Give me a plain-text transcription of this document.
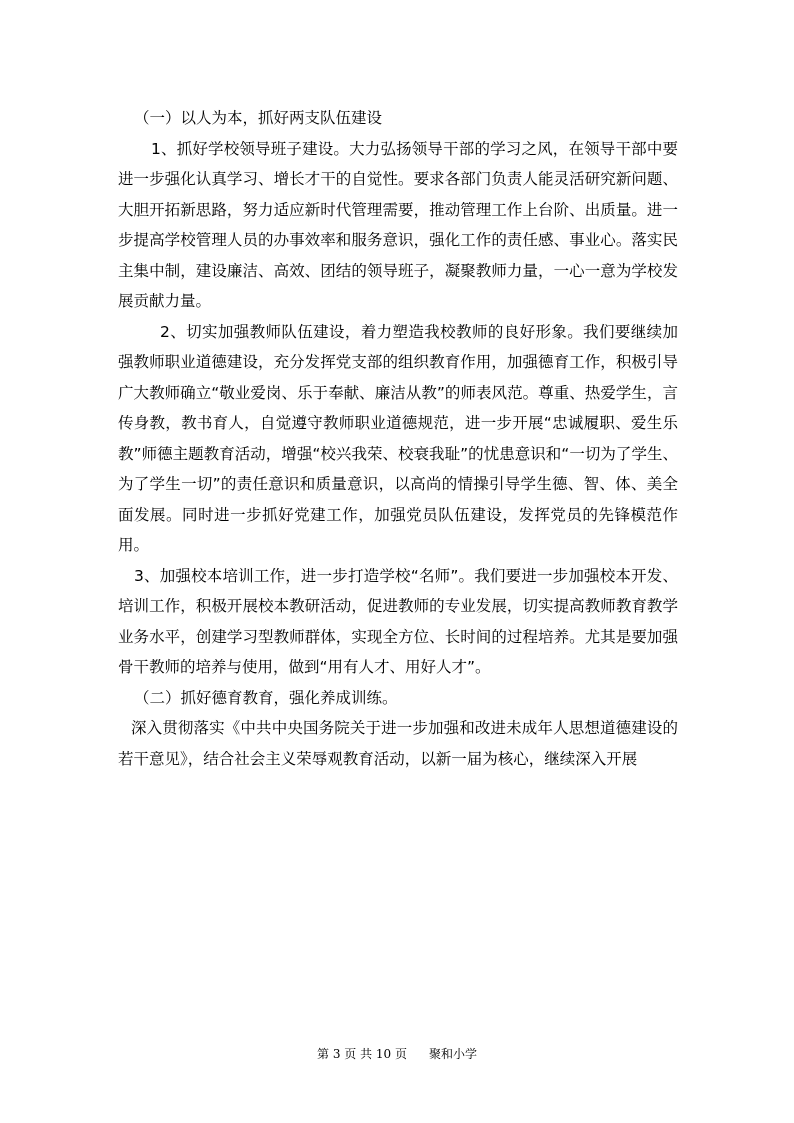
（一）以人为本，抓好两支队伍建设

1、抓好学校领导班子建设。大力弘扬领导干部的学习之风，在领导干部中要进一步强化认真学习、增长才干的自觉性。要求各部门负责人能灵活研究新问题、大胆开拓新思路，努力适应新时代管理需要，推动管理工作上台阶、出质量。进一步提高学校管理人员的办事效率和服务意识，强化工作的责任感、事业心。落实民主集中制，建设廉洁、高效、团结的领导班子，凝聚教师力量，一心一意为学校发展贡献力量。

2、切实加强教师队伍建设，着力塑造我校教师的良好形象。我们要继续加强教师职业道德建设，充分发挥党支部的组织教育作用，加强德育工作，积极引导广大教师确立“敬业爱岗、乐于奉献、廉洁从教”的师表风范。尊重、热爱学生，言传身教，教书育人，自觉遵守教师职业道德规范，进一步开展“忠诚履职、爱生乐教”师德主题教育活动，增强“校兴我荣、校衰我耻”的忧患意识和“一切为了学生、为了学生一切”的责任意识和质量意识，以高尚的情操引导学生德、智、体、美全面发展。同时进一步抓好党建工作，加强党员队伍建设，发挥党员的先锋模范作用。

3、加强校本培训工作，进一步打造学校“名师”。我们要进一步加强校本开发、培训工作，积极开展校本教研活动，促进教师的专业发展，切实提高教师教育教学业务水平，创建学习型教师群体，实现全方位、长时间的过程培养。尤其是要加强骨干教师的培养与使用，做到“用有人才、用好人才”。

（二）抓好德育教育，强化养成训练。

深入贯彻落实《中共中央国务院关于进一步加强和改进未成年人思想道德建设的若干意见》，结合社会主义荣辱观教育活动，以新一届为核心，继续深入开展

第 3 页 共 10 页 聚和小学
